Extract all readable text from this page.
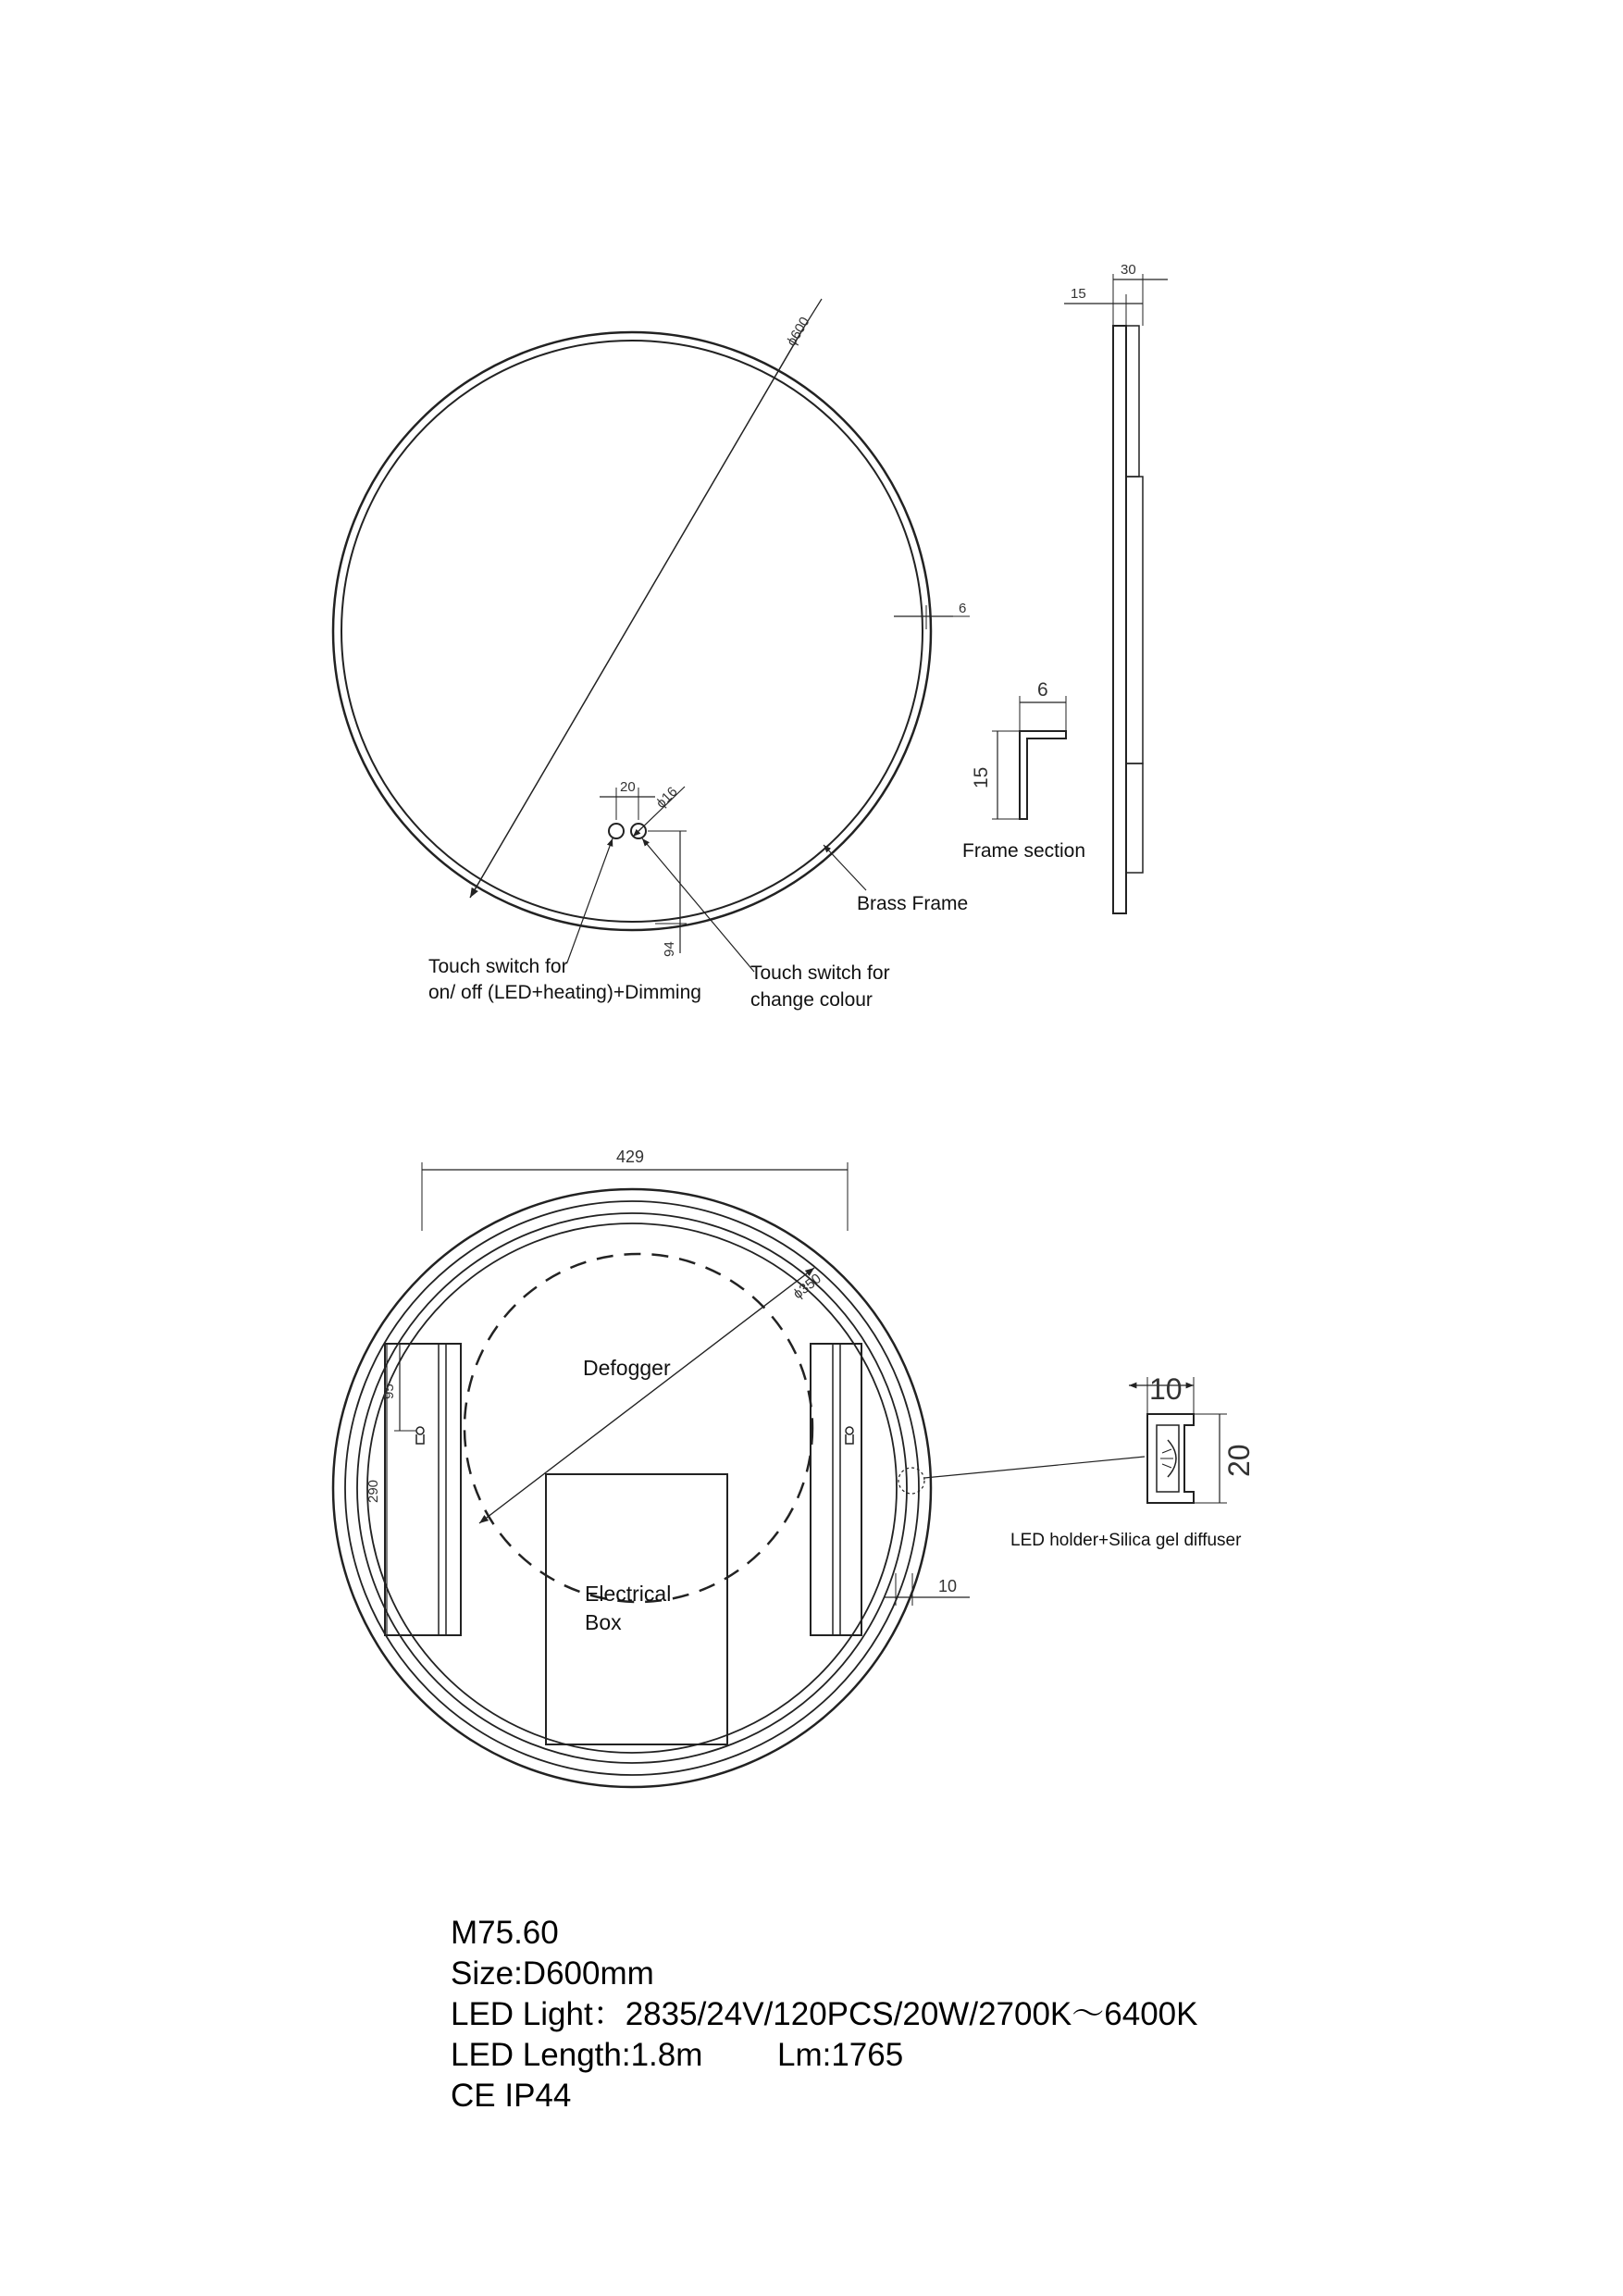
ϕ600
6
20 ϕ16
94
Touch switch for
on/ off (LED+heating)+Dimming
Touch switch for
change colour
Brass Frame
30
15
6
15
Frame section
429
ϕ350
Defogger
Electrical
Box
95
290
10
10
20
LED holder+Silica gel diffuser
M75.60
Size:D600mm
LED Light：2835/24V/120PCS/20W/2700K～6400K
LED Length:1.8m Lm:1765
CE IP44
